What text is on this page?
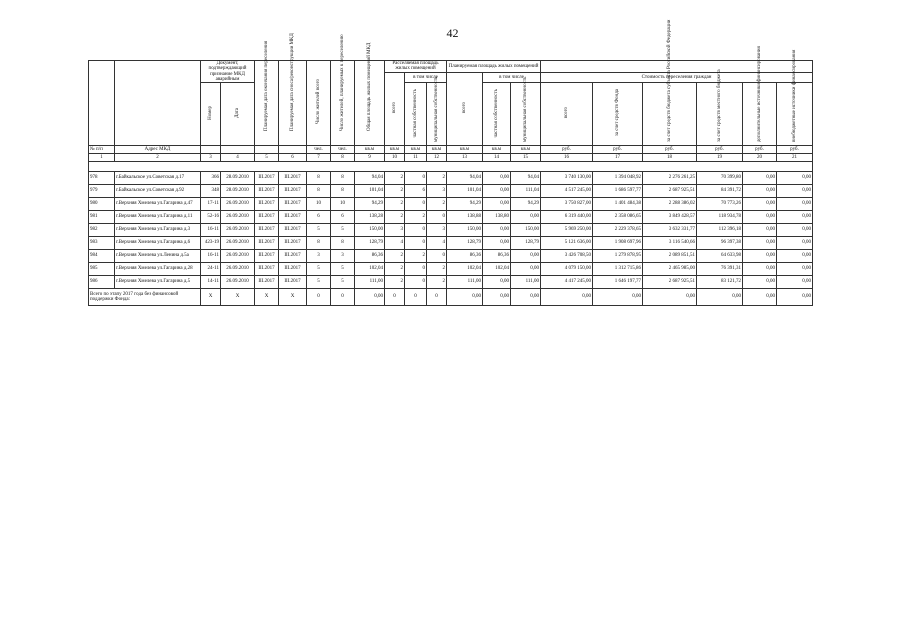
42
		Документ, подтверждающий признание МКД аварийным		Планируемая дата окончания переселения	Планируемая дата сноса/реконструкции МКД	Число жителей всего	Число жителей, планируемых к переселению	Общая площадь жилых помещений МКД	Расселяемая площадь жилых помещений			Планируемая площадь жилых помещений								
									всего	в том числе		всего	в том числе		Стоимость переселения граждан					
		Номер	Дата							частная собственность	муниципальная собственность		частная собственность	муниципальная собственность	всего	за счет средств Фонда	за счет средств бюджета субъекта Российской Федерации	за счет средств местного бюджета	дополнительные источники финансирования	внебюджетные источники финансирования
№ п/п	Адрес МКД					чел.	чел.	кв.м	кв.м	кв.м	кв.м	кв.м	кв.м	кв.м	руб.	руб.	руб.	руб.	руб.	руб.
1	2	3	4	5	6	7	8	9	10	11	12	13	14	15	16	17	18	19	20	21

978	г.Байкальское ул.Советская д.17	366	28.09.2010	III.2017	III.2017	8	8	94,04	2	0	2	94,04	0,00	94,04	3 740 130,00	1 394 048,92	2 276 261,25	70 399,80	0,00	0,00
979	г.Байкальское ул.Советская д.92	348	28.09.2010	III.2017	III.2017	8	8	101,04	2	6	3	101,04	0,00	111,04	4 517 245,00	1 686 597,77	2 687 925,51	84 391,72	0,00	0,00
980	г.Верхняя Хмелева ул.Гагарина д.47	17-11	26.09.2010	III.2017	III.2017	10	10	94,29	2	0	2	94,29	0,00	94,29	3 750 827,00	1 401 484,38	2 288 386,02	70 773,26	0,00	0,00
981	г.Верхняя Хмелева ул.Гагарина д.11	52-16	26.09.2010	III.2017	III.2017	6	6	138,28	2	2	0	138,88	138,80	0,00	6 319 440,00	2 358 086,65	3 849 428,57	118 934,78	0,00	0,00
982	г.Верхняя Хмелева ул.Гагарина д.3	16-11	26.09.2010	III.2017	III.2017	5	5	150,00	3	0	3	150,00	0,00	150,00	5 969 250,00	2 229 378,65	3 632 331,77	112 396,18	0,00	0,00
983	г.Верхняя Хмелева ул.Гагарина д.6	423-19	26.09.2010	III.2017	III.2017	8	8	128,79	4	0	4	128,79	0,00	128,79	5 121 636,00	1 908 697,96	3 116 540,66	96 397,38	0,00	0,00
984	г.Верхняя Хмелева ул.Ленина д.5а	16-11	26.09.2010	III.2017	III.2017	3	3	86,36	2	2	0	86,36	86,36	0,00	3 426 708,50	1 279 878,95	2 089 851,51	64 633,98	0,00	0,00
985	г.Верхняя Хмелева ул.Гагарина д.28	24-11	26.09.2010	III.2017	III.2017	5	5	102,04	2	0	2	102,04	102,04	0,00	4 079 150,00	1 312 715,86	2 465 985,00	76 391,31	0,00	0,00
986	г.Верхняя Хмелева ул.Гагарина д.5	14-11	26.09.2010	III.2017	III.2017	5	5	111,00	2	0	2	111,00	0,00	111,00	4 417 245,00	1 646 197,77	2 687 925,51	83 121,72	0,00	0,00
Всего по этапу 2017 года без финансовой поддержки Фонда:		X	X	X	X	0	0	0,00	0	0	0	0,00	0,00	0,00	0,00	0,00	0,00	0,00	0,00	0,00
